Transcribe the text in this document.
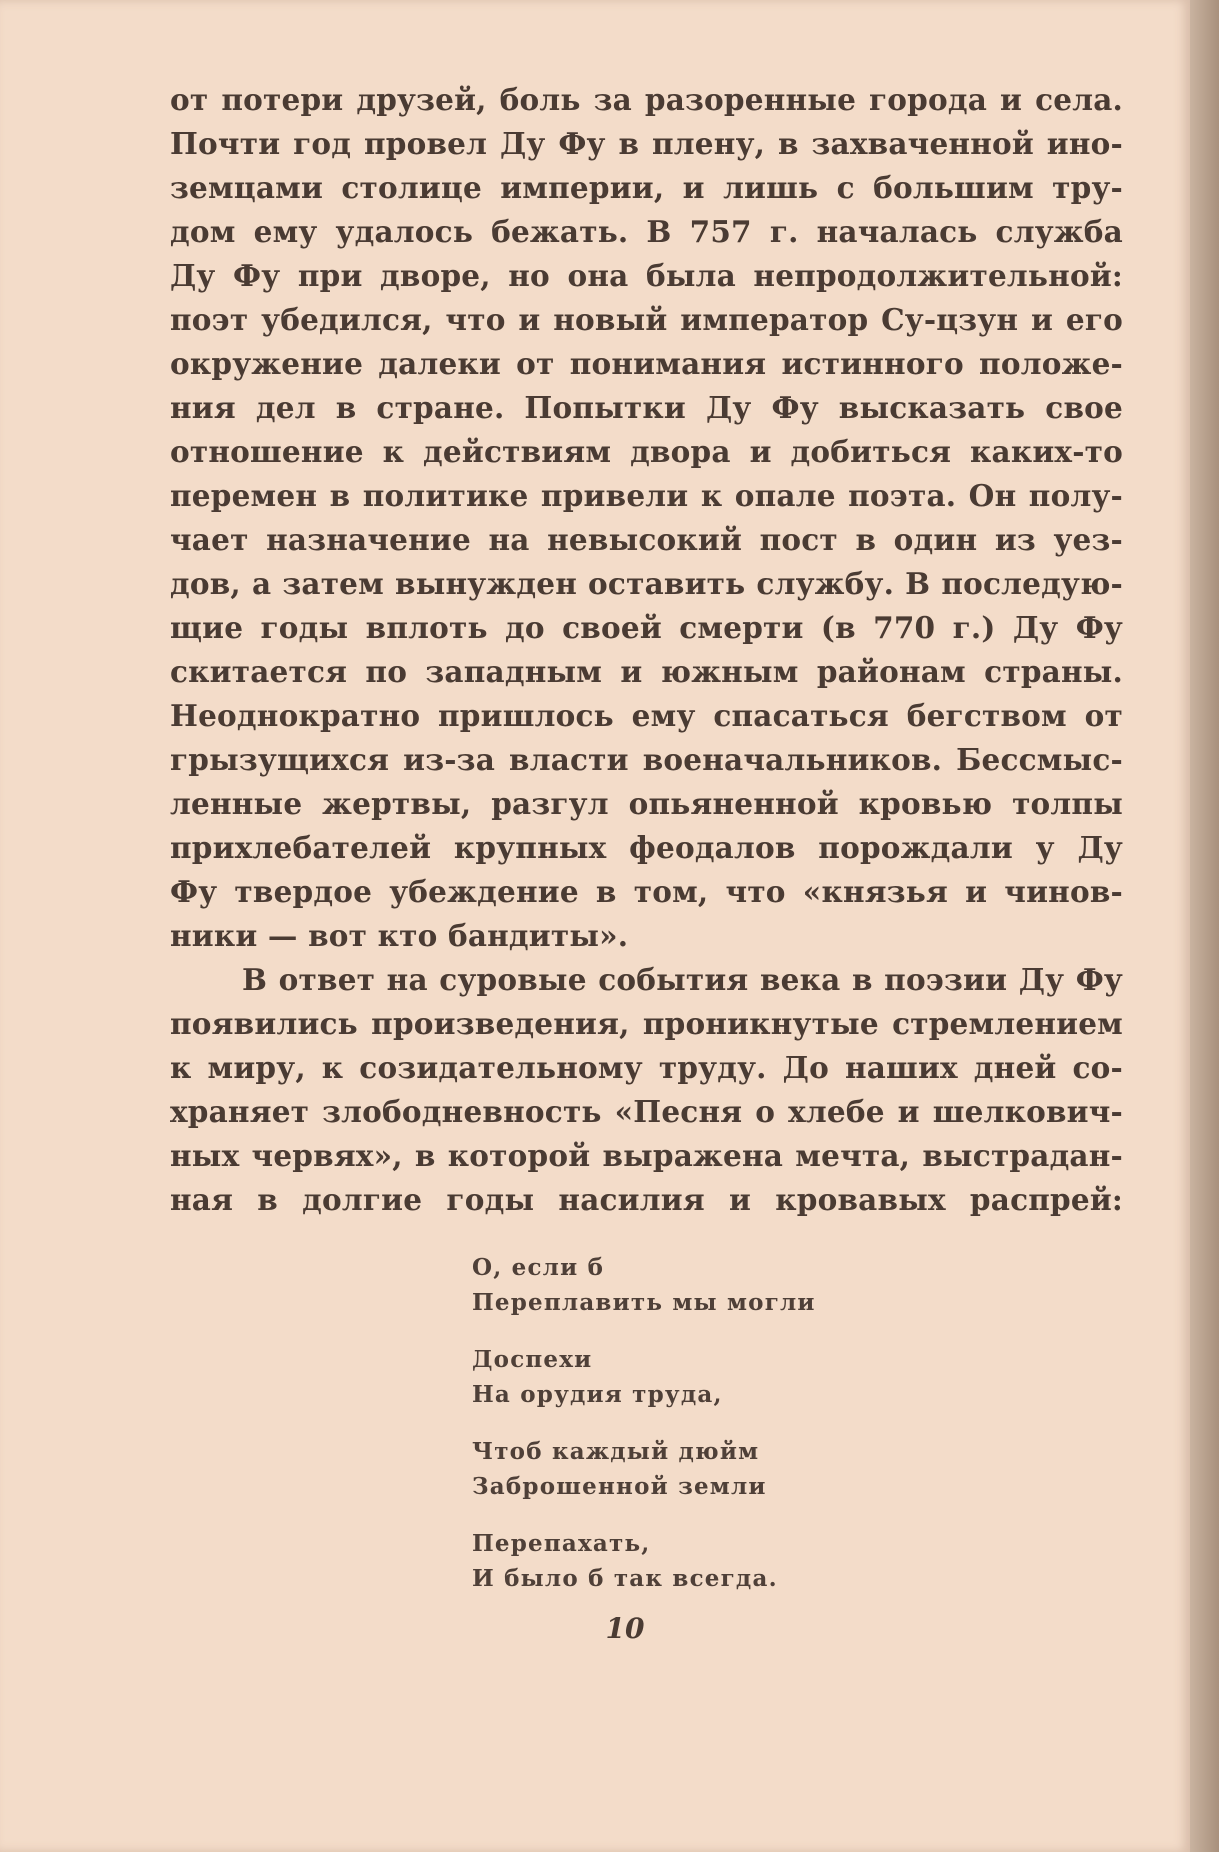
от потери друзей, боль за разоренные города и села.
Почти год провел Ду Фу в плену, в захваченной ино-
земцами столице империи, и лишь с большим тру-
дом ему удалось бежать. В 757 г. началась служба
Ду Фу при дворе, но она была непродолжительной:
поэт убедился, что и новый император Су-цзун и его
окружение далеки от понимания истинного положе-
ния дел в стране. Попытки Ду Фу высказать свое
отношение к действиям двора и добиться каких-то
перемен в политике привели к опале поэта. Он полу-
чает назначение на невысокий пост в один из уез-
дов, а затем вынужден оставить службу. В последую-
щие годы вплоть до своей смерти (в 770 г.) Ду Фу
скитается по западным и южным районам страны.
Неоднократно пришлось ему спасаться бегством от
грызущихся из-за власти военачальников. Бессмыс-
ленные жертвы, разгул опьяненной кровью толпы
прихлебателей крупных феодалов порождали у Ду
Фу твердое убеждение в том, что «князья и чинов-
ники — вот кто бандиты».
В ответ на суровые события века в поэзии Ду Фу
появились произведения, проникнутые стремлением
к миру, к созидательному труду. До наших дней со-
храняет злободневность «Песня о хлебе и шелкович-
ных червях», в которой выражена мечта, выстрадан-
ная в долгие годы насилия и кровавых распрей:
О, если б
Переплавить мы могли
Доспехи
На орудия труда,
Чтоб каждый дюйм
Заброшенной земли
Перепахать,
И было б так всегда.
10
